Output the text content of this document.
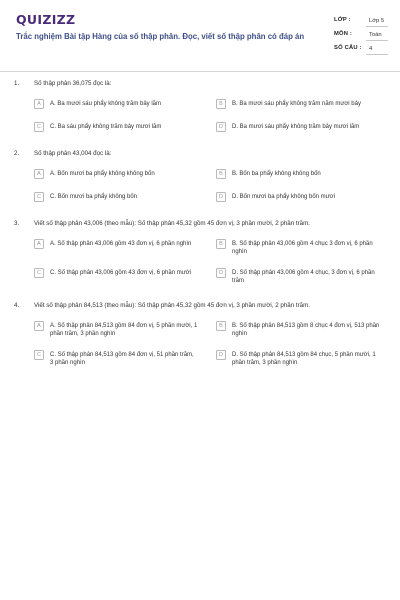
QUIZIZZ
Trắc nghiệm Bài tập Hàng của số thập phân. Đọc, viết số thập phân có đáp án
LỚP :	Lớp 5
MÔN :	Toán
SỐ CÂU :	4
1. Số thập phân 36,075 đọc là:
A	A. Ba mươi sáu phẩy không trăm bảy lăm	B	B. Ba mươi sáu phẩy không trăm năm mươi bảy
C	C. Ba sáu phẩy không trăm bảy mươi lăm	D	D. Ba mươi sáu phẩy không trăm bảy mươi lăm
2. Số thập phân 43,004 đọc là:
A	A. Bốn mươi ba phẩy không không bốn	B	B. Bốn ba phẩy không không bốn
C	C. Bốn mươi ba phẩy không bốn	D	D. Bốn mươi ba phẩy không bốn mươi
3. Viết số thập phân 43,006 (theo mẫu): Số thập phân 45,32 gồm 45 đơn vị, 3 phần mười, 2 phần trăm.
A	A. Số thập phân 43,006 gồm 43 đơn vị, 6 phần nghìn	B	B. Số thập phân 43,006 gồm 4 chục 3 đơn vị, 6 phần nghìn
C	C. Số thập phân 43,006 gồm 43 đơn vị, 6 phần mười	D	D. Số thập phân 43,006 gồm 4 chục, 3 đơn vị, 6 phần trăm
4. Viết số thập phân 84,513 (theo mẫu): Số thập phân 45,32 gồm 45 đơn vị, 3 phần mười, 2 phần trăm.
A	A. Số thập phân 84,513 gồm 84 đơn vị, 5 phần mười, 1 phần trăm, 3 phần nghìn
B	B. Số thập phân 84,513 gồm 8 chục 4 đơn vị, 513 phần nghìn
C	C. Số thập phân 84,513 gồm 84 đơn vị, 51 phần trăm, 3 phần nghìn
D	D. Số thập phân 84,513 gồm 84 chục, 5 phần mười, 1 phần trăm, 3 phần nghìn
